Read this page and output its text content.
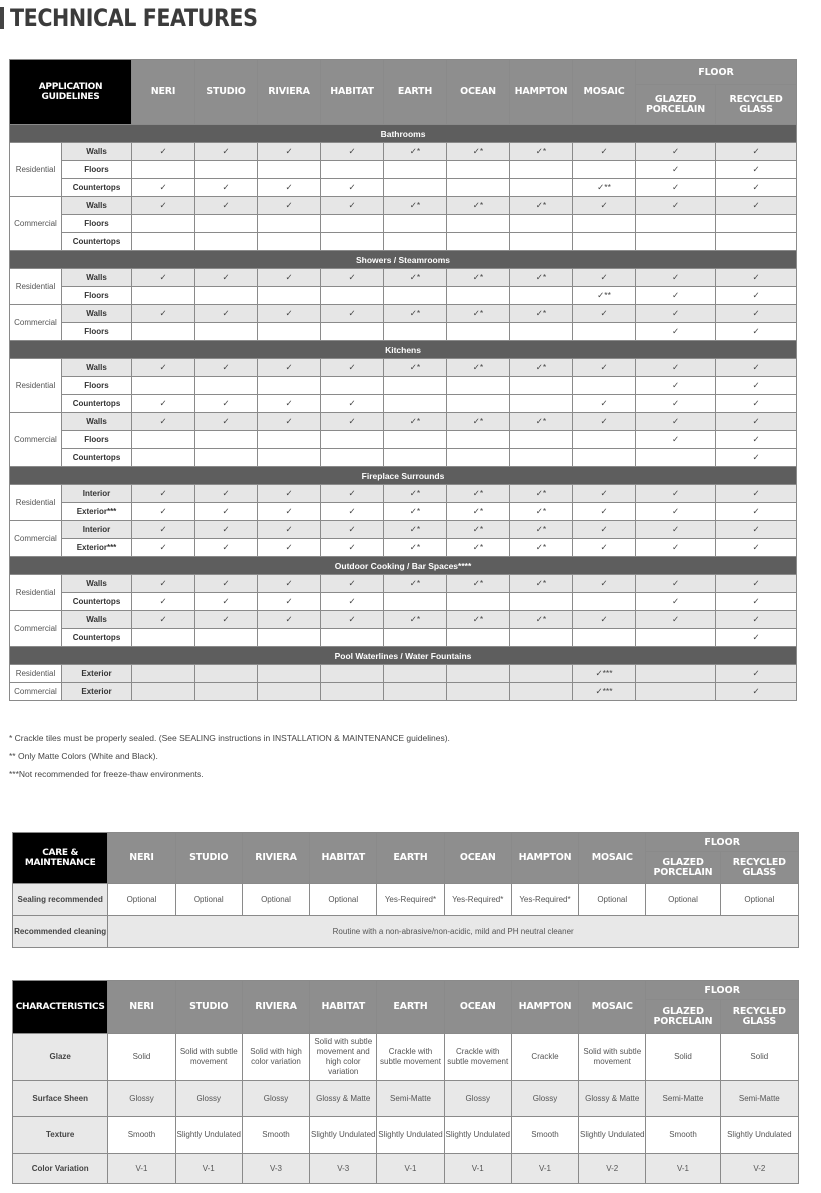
TECHNICAL FEATURES
APPLICATION GUIDELINES		NERI	STUDIO	RIVIERA	HABITAT	EARTH	OCEAN	HAMPTON	MOSAIC	FLOOR	
										GLAZED PORCELAIN	RECYCLED GLASS
Bathrooms											
Residential	Walls	✓	✓	✓	✓	✓*	✓*	✓*	✓	✓	✓
	Floors									✓	✓
	Countertops	✓	✓	✓	✓				✓**	✓	✓
Commercial	Walls	✓	✓	✓	✓	✓*	✓*	✓*	✓	✓	✓
	Floors										
	Countertops										
Showers / Steamrooms											
Residential	Walls	✓	✓	✓	✓	✓*	✓*	✓*	✓	✓	✓
	Floors								✓**	✓	✓
Commercial	Walls	✓	✓	✓	✓	✓*	✓*	✓*	✓	✓	✓
	Floors									✓	✓
Kitchens											
Residential	Walls	✓	✓	✓	✓	✓*	✓*	✓*	✓	✓	✓
	Floors									✓	✓
	Countertops	✓	✓	✓	✓				✓	✓	✓
Commercial	Walls	✓	✓	✓	✓	✓*	✓*	✓*	✓	✓	✓
	Floors									✓	✓
	Countertops										✓
Fireplace Surrounds											
Residential	Interior	✓	✓	✓	✓	✓*	✓*	✓*	✓	✓	✓
	Exterior***	✓	✓	✓	✓	✓*	✓*	✓*	✓	✓	✓
Commercial	Interior	✓	✓	✓	✓	✓*	✓*	✓*	✓	✓	✓
	Exterior***	✓	✓	✓	✓	✓*	✓*	✓*	✓	✓	✓
Outdoor Cooking / Bar Spaces****											
Residential	Walls	✓	✓	✓	✓	✓*	✓*	✓*	✓	✓	✓
	Countertops	✓	✓	✓	✓					✓	✓
Commercial	Walls	✓	✓	✓	✓	✓*	✓*	✓*	✓	✓	✓
	Countertops										✓
Pool Waterlines / Water Fountains											
Residential	Exterior								✓***		✓
Commercial	Exterior								✓***		✓
* Crackle tiles must be properly sealed. (See SEALING instructions in INSTALLATION & MAINTENANCE guidelines).
** Only Matte Colors (White and Black).
***Not recommended for freeze-thaw environments.
CARE & MAINTENANCE	NERI	STUDIO	RIVIERA	HABITAT	EARTH	OCEAN	HAMPTON	MOSAIC	FLOOR	
									GLAZED PORCELAIN	RECYCLED GLASS
Sealing recommended	Optional	Optional	Optional	Optional	Yes-Required*	Yes-Required*	Yes-Required*	Optional	Optional	Optional
Recommended cleaning	Routine with a non-abrasive/non-acidic, mild and PH neutral cleaner									
CHARACTERISTICS	NERI	STUDIO	RIVIERA	HABITAT	EARTH	OCEAN	HAMPTON	MOSAIC	FLOOR	
									GLAZED PORCELAIN	RECYCLED GLASS
Glaze	Solid	Solid with subtle movement	Solid with high color variation	Solid with subtle movement and high color variation	Crackle with subtle movement	Crackle with subtle movement	Crackle	Solid with subtle movement	Solid	Solid
Surface Sheen	Glossy	Glossy	Glossy	Glossy & Matte	Semi-Matte	Glossy	Glossy	Glossy & Matte	Semi-Matte	Semi-Matte
Texture	Smooth	Slightly Undulated	Smooth	Slightly Undulated	Slightly Undulated	Slightly Undulated	Smooth	Slightly Undulated	Smooth	Slightly Undulated
Color Variation	V-1	V-1	V-3	V-3	V-1	V-1	V-1	V-2	V-1	V-2
